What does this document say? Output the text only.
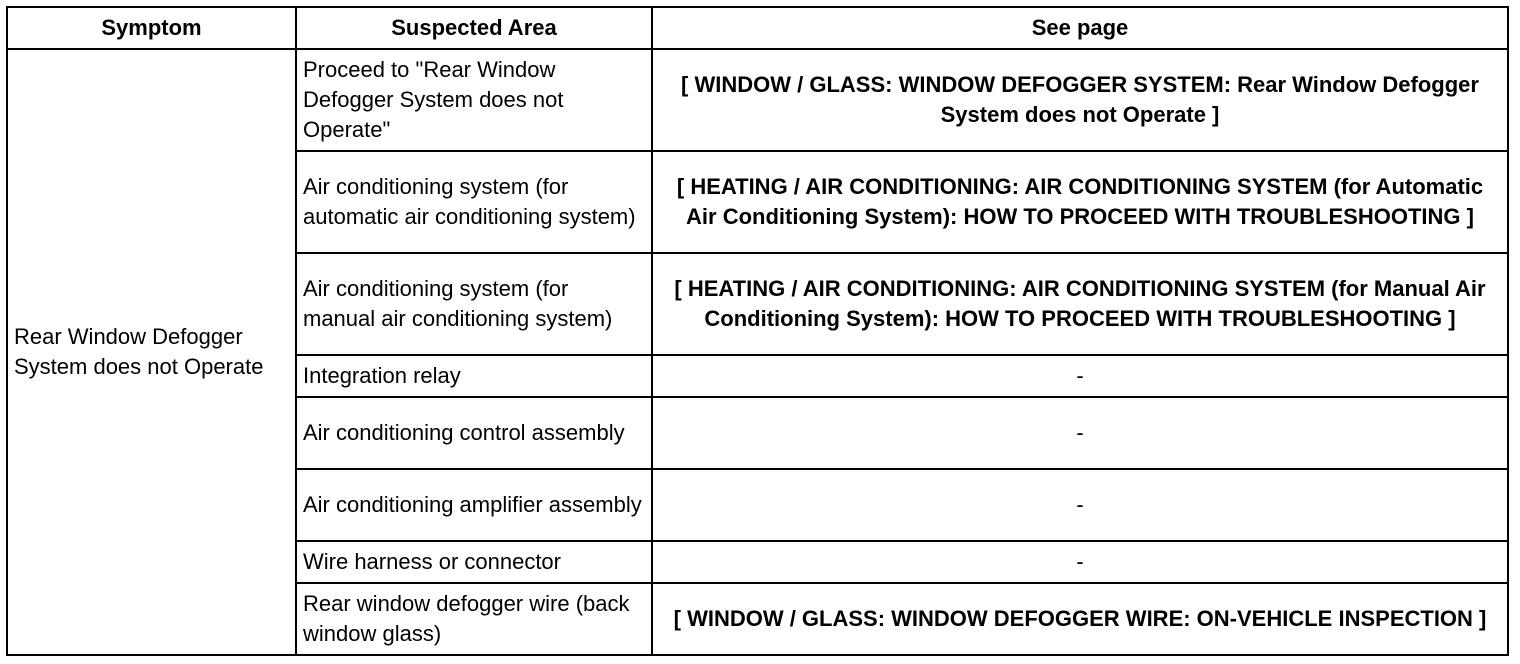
Symptom	Suspected Area	See page
Rear Window Defogger System does not Operate	Proceed to "Rear Window Defogger System does not Operate"	[ WINDOW / GLASS: WINDOW DEFOGGER SYSTEM: Rear Window Defogger System does not Operate ]
	Air conditioning system (for automatic air conditioning system)	[ HEATING / AIR CONDITIONING: AIR CONDITIONING SYSTEM (for Automatic Air Conditioning System): HOW TO PROCEED WITH TROUBLESHOOTING ]
	Air conditioning system (for manual air conditioning system)	[ HEATING / AIR CONDITIONING: AIR CONDITIONING SYSTEM (for Manual Air Conditioning System): HOW TO PROCEED WITH TROUBLESHOOTING ]
	Integration relay	-
	Air conditioning control assembly	-
	Air conditioning amplifier assembly	-
	Wire harness or connector	-
	Rear window defogger wire (back window glass)	[ WINDOW / GLASS: WINDOW DEFOGGER WIRE: ON-VEHICLE INSPECTION ]
